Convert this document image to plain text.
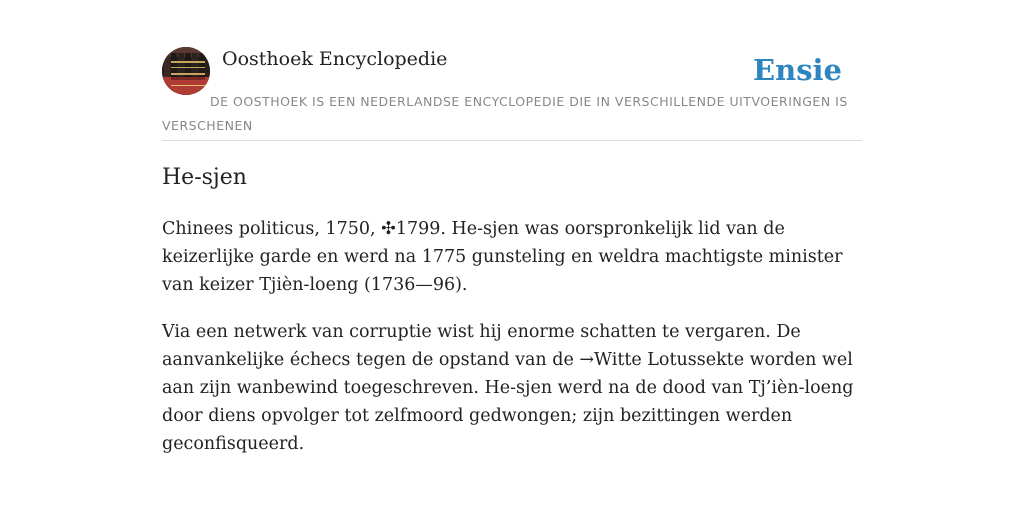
Oosthoek Encyclopedie	Ensie
DE OOSTHOEK IS EEN NEDERLANDSE ENCYCLOPEDIE DIE IN VERSCHILLENDE UITVOERINGEN IS VERSCHENEN
He-sjen

Chinees politicus, 1750, ✣1799. He-sjen was oorspronkelijk lid van de keizerlijke garde en werd na 1775 gunsteling en weldra machtigste minister van keizer Tjièn-loeng (1736—96).

Via een netwerk van corruptie wist hij enorme schatten te vergaren. De aanvankelijke échecs tegen de opstand van de →Witte Lotussekte worden wel aan zijn wanbewind toegeschreven. He-sjen werd na de dood van Tj’ièn-loeng door diens opvolger tot zelfmoord gedwongen; zijn bezittingen werden geconfisqueerd.
